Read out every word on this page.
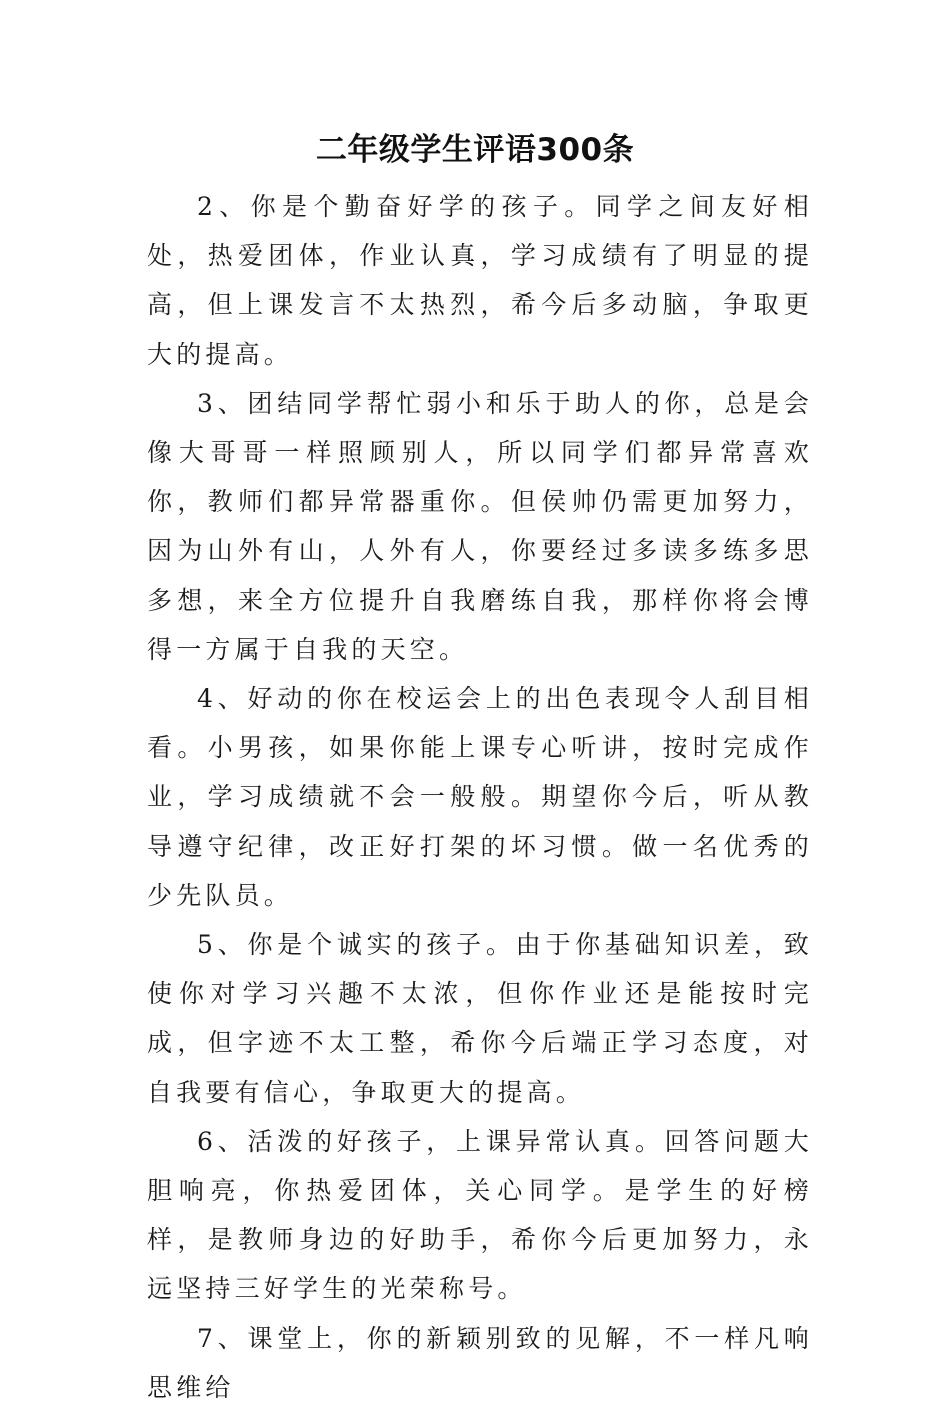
二年级学生评语300条

2、你是个勤奋好学的孩子。同学之间友好相处，热爱团体，作业认真，学习成绩有了明显的提高，但上课发言不太热烈，希今后多动脑，争取更大的提高。

3、团结同学帮忙弱小和乐于助人的你，总是会像大哥哥一样照顾别人，所以同学们都异常喜欢你，教师们都异常器重你。但侯帅仍需更加努力，因为山外有山，人外有人，你要经过多读多练多思多想，来全方位提升自我磨练自我，那样你将会博得一方属于自我的天空。

4、好动的你在校运会上的出色表现令人刮目相看。小男孩，如果你能上课专心听讲，按时完成作业，学习成绩就不会一般般。期望你今后，听从教导遵守纪律，改正好打架的坏习惯。做一名优秀的少先队员。

5、你是个诚实的孩子。由于你基础知识差，致使你对学习兴趣不太浓，但你作业还是能按时完成，但字迹不太工整，希你今后端正学习态度，对自我要有信心，争取更大的提高。

6、活泼的好孩子，上课异常认真。回答问题大胆响亮，你热爱团体，关心同学。是学生的好榜样，是教师身边的好助手，希你今后更加努力，永远坚持三好学生的光荣称号。

7、课堂上，你的新颖别致的见解，不一样凡响思维给
